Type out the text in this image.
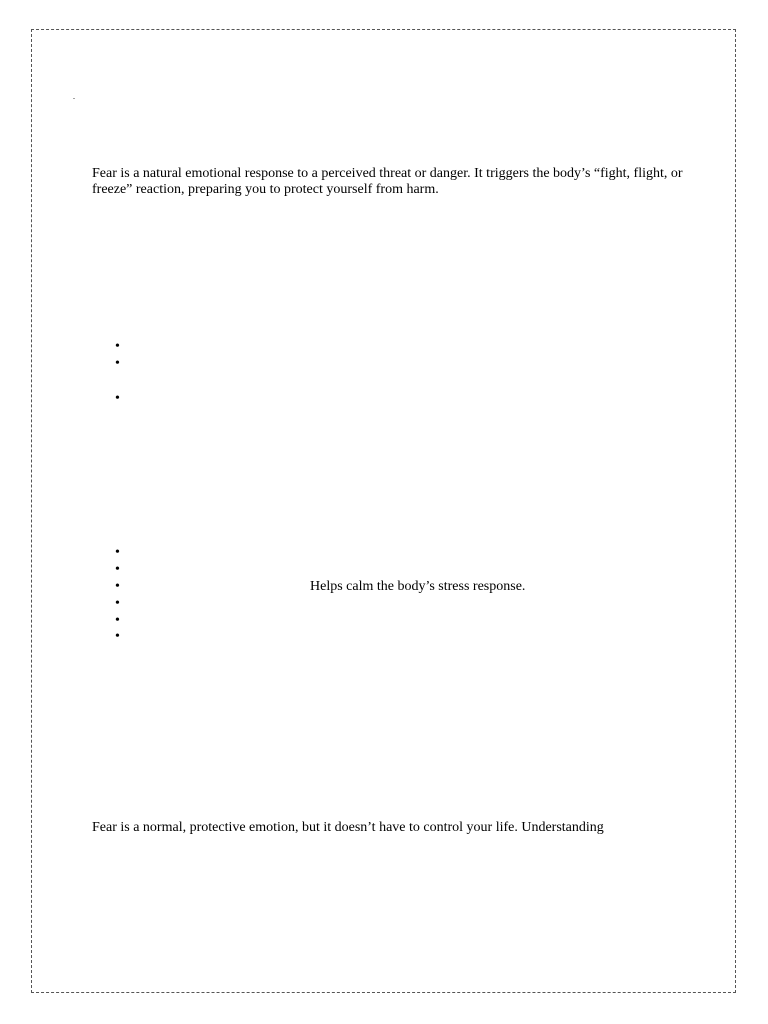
.

Fear is a natural emotional response to a perceived threat or danger. It triggers the body’s “fight, flight, or freeze” reaction, preparing you to protect yourself from harm.

•
•
•
•
•
•	Helps calm the body’s stress response.
•
•
•

Fear is a normal, protective emotion, but it doesn’t have to control your life. Understanding
